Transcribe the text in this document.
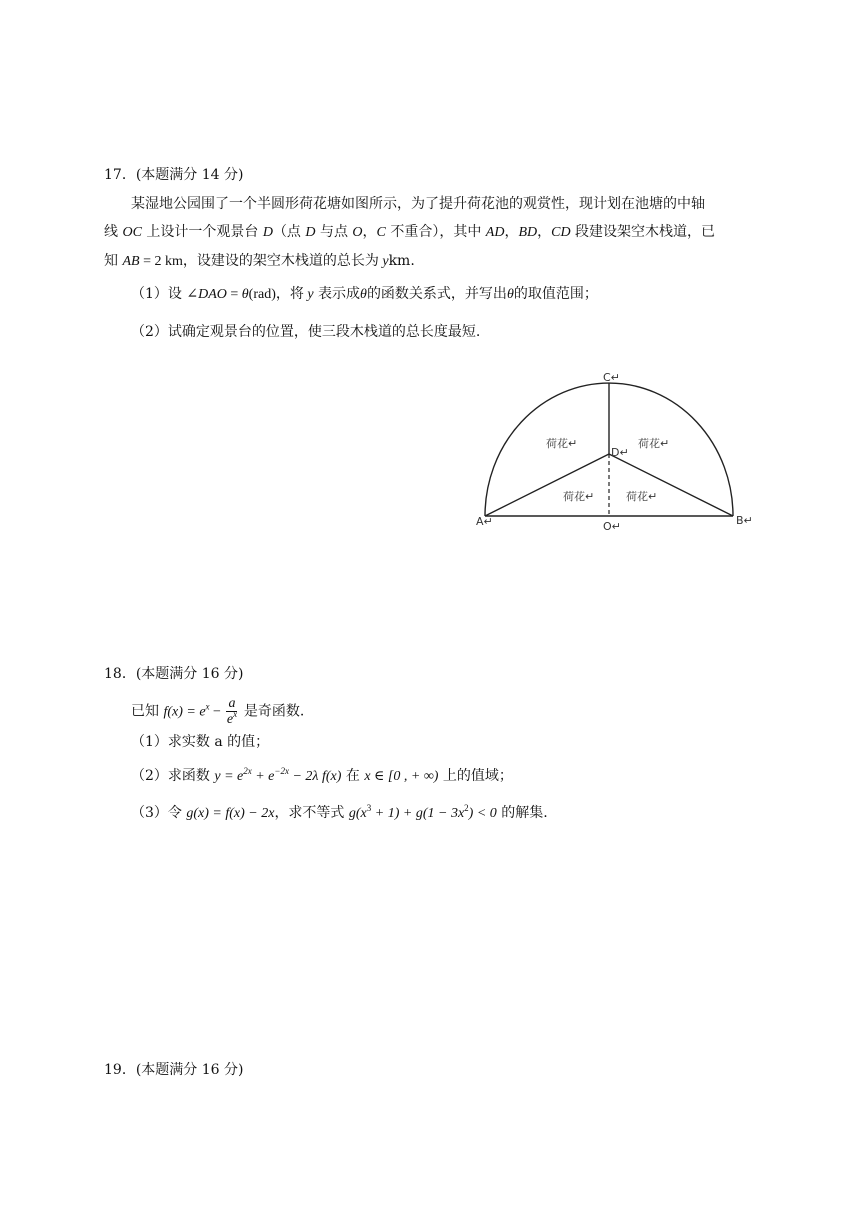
17．(本题满分 14 分)
某湿地公园围了一个半圆形荷花塘如图所示，为了提升荷花池的观赏性，现计划在池塘的中轴
线 OC 上设计一个观景台 D（点 D 与点 O，C 不重合），其中 AD，BD，CD 段建设架空木栈道，已
知 AB = 2 km，设建设的架空木栈道的总长为 ykm.
（1）设 ∠DAO = θ(rad)，将 y 表示成θ的函数关系式，并写出θ的取值范围；
（2）试确定观景台的位置，使三段木栈道的总长度最短.
C↵
D↵
A↵	O↵	B↵
荷花↵	荷花↵
荷花↵	荷花↵
18．(本题满分 16 分)
已知 $f(x) = e^x - \frac{a}{e^x}$ 是奇函数.
（1）求实数 a 的值；
（2）求函数 $y = e^{2x} + e^{-2x} - 2\lambda$ f(x) 在 x ∈ [0 , + ∞) 上的值域；
（3）令 g(x) = f(x) − 2x，求不等式 $g(x^3 + 1) + g(1 - 3x^2) < 0$ 的解集.
19．(本题满分 16 分)
